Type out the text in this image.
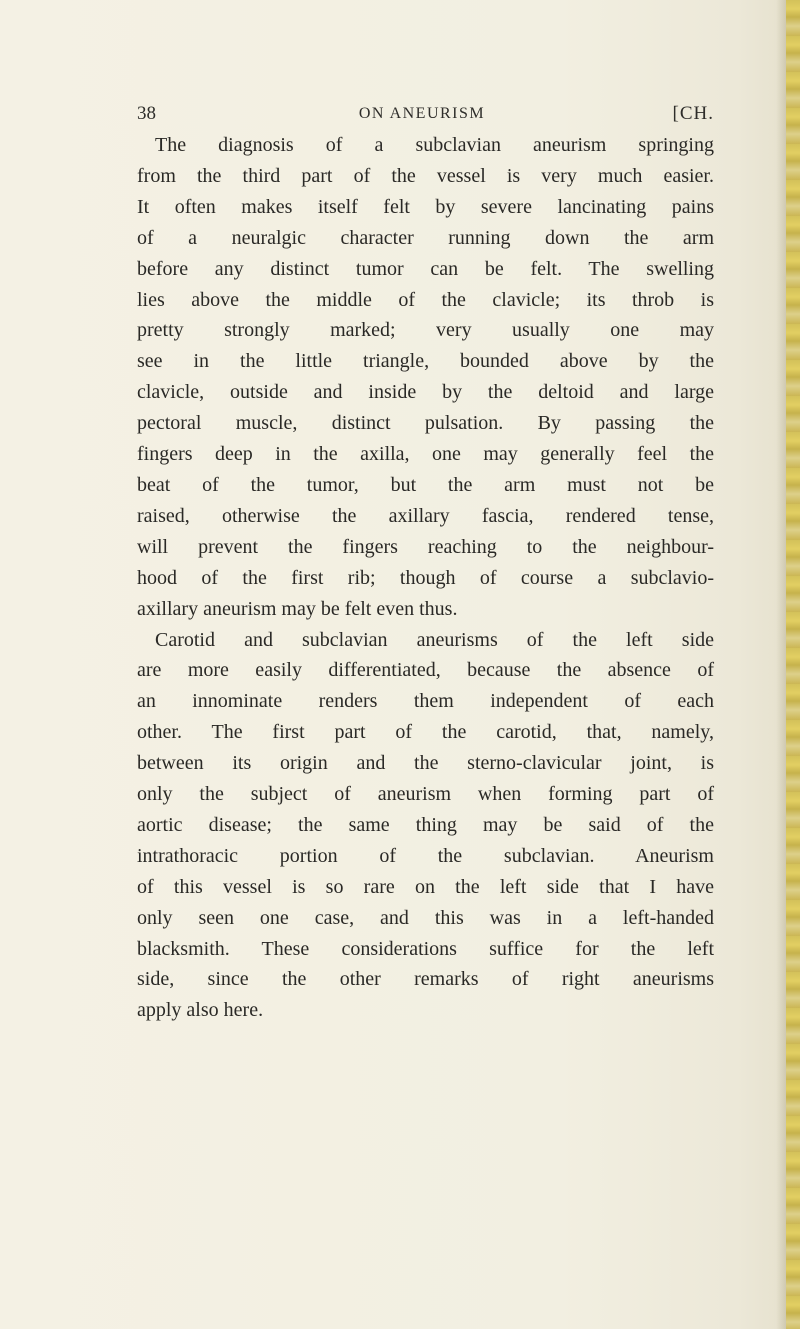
38	ON ANEURISM	[CH.
The diagnosis of a subclavian aneurism springing
from the third part of the vessel is very much easier.
It often makes itself felt by severe lancinating pains
of a neuralgic character running down the arm
before any distinct tumor can be felt. The swelling
lies above the middle of the clavicle; its throb is
pretty strongly marked; very usually one may
see in the little triangle, bounded above by the
clavicle, outside and inside by the deltoid and large
pectoral muscle, distinct pulsation. By passing the
fingers deep in the axilla, one may generally feel the
beat of the tumor, but the arm must not be
raised, otherwise the axillary fascia, rendered tense,
will prevent the fingers reaching to the neighbour-
hood of the first rib; though of course a subclavio-
axillary aneurism may be felt even thus.
Carotid and subclavian aneurisms of the left side
are more easily differentiated, because the absence of
an innominate renders them independent of each
other. The first part of the carotid, that, namely,
between its origin and the sterno-clavicular joint, is
only the subject of aneurism when forming part of
aortic disease; the same thing may be said of the
intrathoracic portion of the subclavian. Aneurism
of this vessel is so rare on the left side that I have
only seen one case, and this was in a left-handed
blacksmith. These considerations suffice for the left
side, since the other remarks of right aneurisms
apply also here.
